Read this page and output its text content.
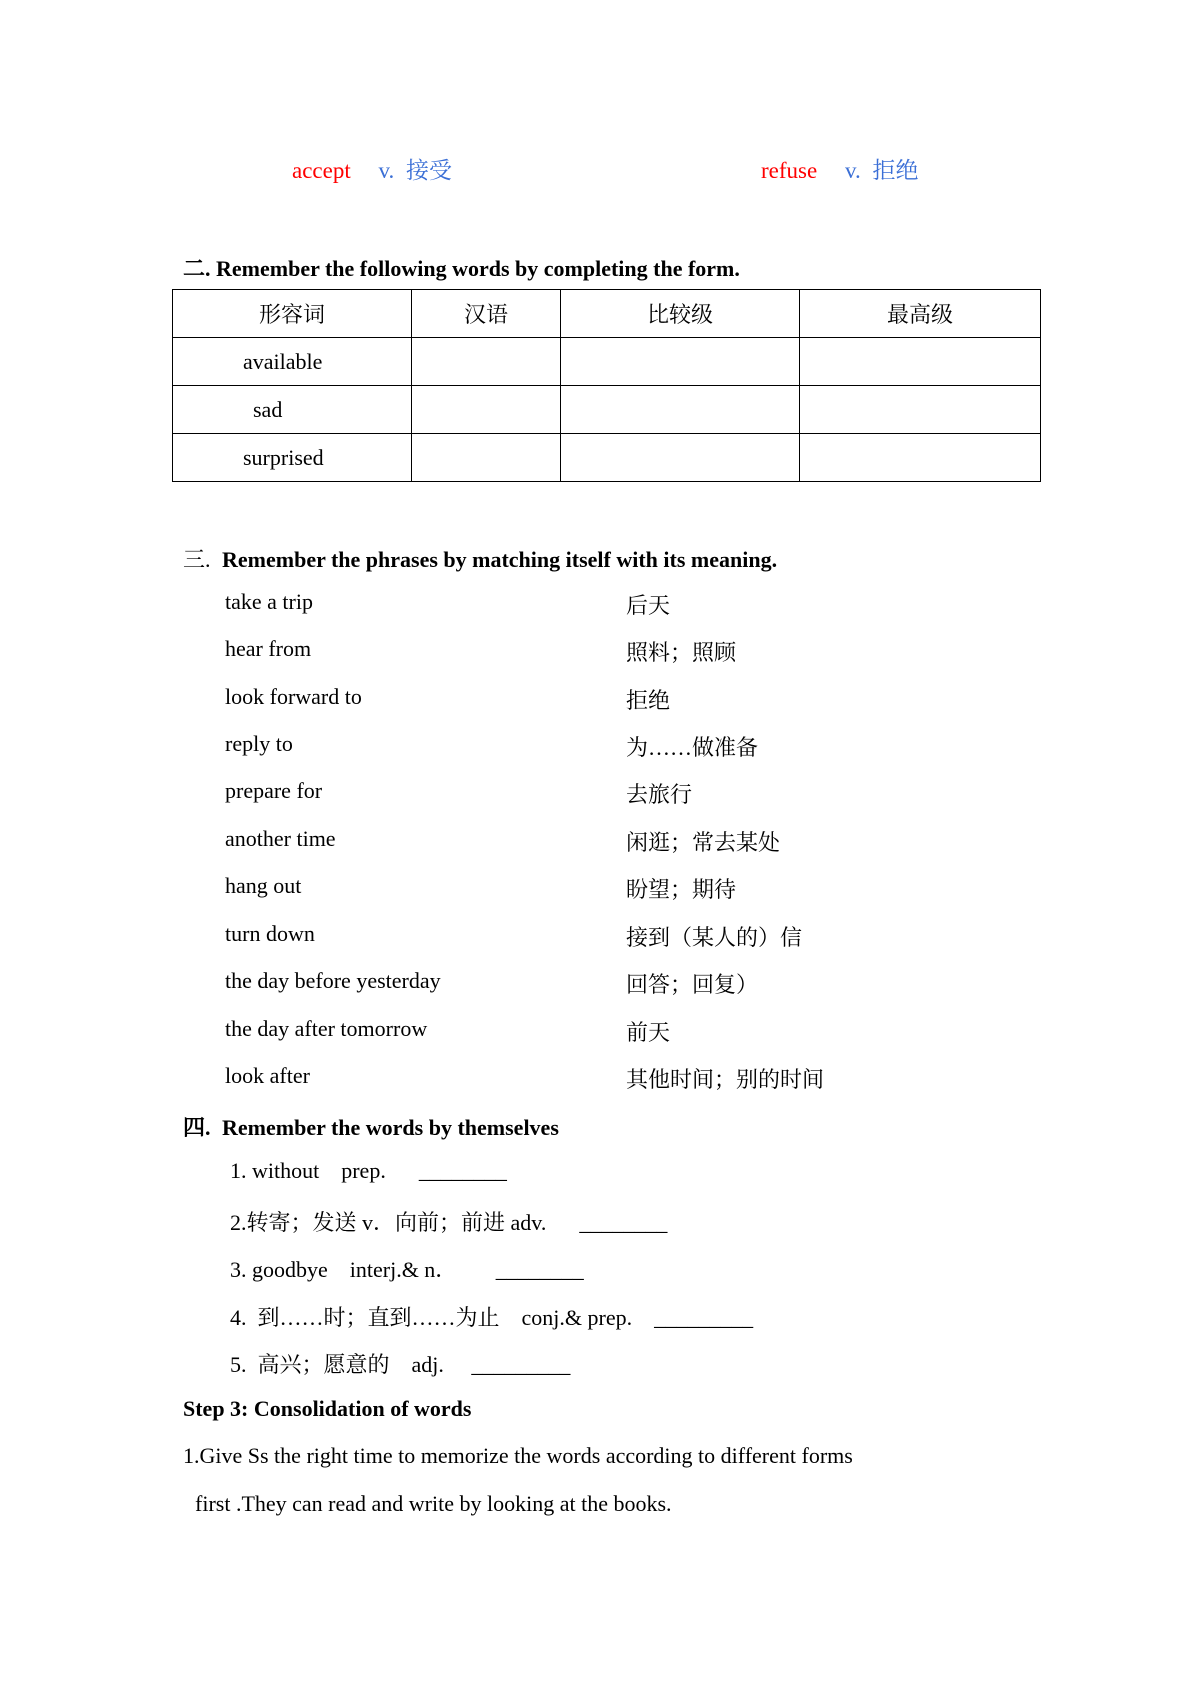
accept v. 接受	refuse v. 拒绝
二. Remember the following words by completing the form.
形容词	汉语	比较级	最高级
available			
sad			
surprised			
三. Remember the phrases by matching itself with its meaning.
take a trip	后天
hear from	照料；照顾
look forward to	拒绝
reply to	为……做准备
prepare for	去旅行
another time	闲逛；常去某处
hang out	盼望；期待
turn down	接到（某人的）信
the day before yesterday	回答；回复）
the day after tomorrow	前天
look after	其他时间；别的时间
四. Remember the words by themselves
1. without    prep.      ________
2.转寄；发送 v．向前；前进 adv.      ________
3. goodbye    interj.& n．       ________
4.  到……时；直到……为止    conj.& prep.    _________
5.  高兴；愿意的    adj.     _________
Step 3: Consolidation of words
1.Give Ss the right time to memorize the words according to different forms
first .They can read and write by looking at the books.
